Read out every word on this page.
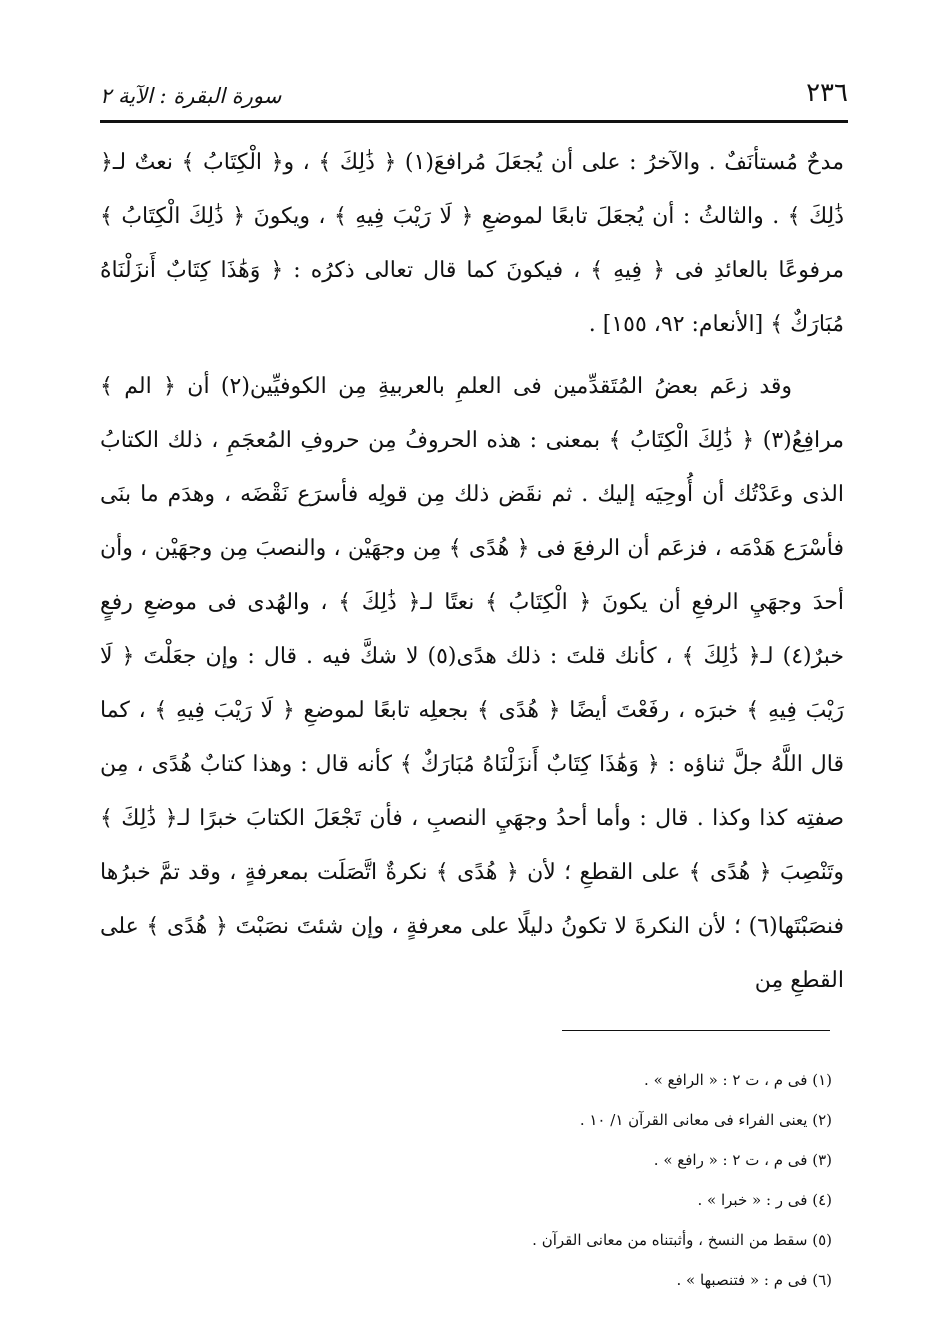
٢٣٦
سورة البقرة : الآية ٢

مدحٌ مُستأنَفٌ . والآخرُ : على أن يُجعَلَ مُرافعَ(١) ﴿ ذَٰلِكَ ﴾ ، و﴿ الْكِتَابُ ﴾ نعتٌ لـ﴿ ذَٰلِكَ ﴾ . والثالثُ : أن يُجعَلَ تابعًا لموضعِ ﴿ لَا رَيْبَ فِيهِ ﴾ ، ويكونَ ﴿ ذَٰلِكَ الْكِتَابُ ﴾ مرفوعًا بالعائدِ فى ﴿ فِيهِ ﴾ ، فيكونَ كما قال تعالى ذكرُه : ﴿ وَهَٰذَا كِتَابٌ أَنزَلْنَاهُ مُبَارَكٌ ﴾ [الأنعام: ٩٢، ١٥٥] .

وقد زعَم بعضُ المُتَقدِّمين فى العلمِ بالعربيةِ مِن الكوفيِّين(٢) أن ﴿ الم ﴾ مرافِعُ(٣) ﴿ ذَٰلِكَ الْكِتَابُ ﴾ بمعنى : هذه الحروفُ مِن حروفِ المُعجَمِ ، ذلك الكتابُ الذى وعَدْتُك أن أُوحِيَه إليك . ثم نقَض ذلك مِن قولِه فأسرَع نَقْضَه ، وهدَم ما بنَى فأسْرَع هَدْمَه ، فزعَم أن الرفعَ فى ﴿ هُدًى ﴾ مِن وجهَيْن ، والنصبَ مِن وجهَيْن ، وأن أحدَ وجهَيِ الرفعِ أن يكونَ ﴿ الْكِتَابُ ﴾ نعتًا لـ﴿ ذَٰلِكَ ﴾ ، والهُدى فى موضعِ رفعٍ خبرٌ(٤) لـ﴿ ذَٰلِكَ ﴾ ، كأنك قلتَ : ذلك هدًى(٥) لا شكَّ فيه . قال : وإن جعَلْتَ ﴿ لَا رَيْبَ فِيهِ ﴾ خبرَه ، رفَعْتَ أيضًا ﴿ هُدًى ﴾ بجعلِه تابعًا لموضعِ ﴿ لَا رَيْبَ فِيهِ ﴾ ، كما قال اللَّهُ جلَّ ثناؤه : ﴿ وَهَٰذَا كِتَابٌ أَنزَلْنَاهُ مُبَارَكٌ ﴾ كأنه قال : وهذا كتابٌ هُدًى ، مِن صفتِه كذا وكذا . قال : وأما أحدُ وجهَيِ النصبِ ، فأن تَجْعَلَ الكتابَ خبرًا لـ﴿ ذَٰلِكَ ﴾ وتَنْصِبَ ﴿ هُدًى ﴾ على القطعِ ؛ لأن ﴿ هُدًى ﴾ نكرةٌ اتَّصَلَت بمعرفةٍ ، وقد تمَّ خبرُها فنصَبْتَها(٦) ؛ لأن النكرةَ لا تكونُ دليلًا على معرفةٍ ، وإن شئتَ نصَبْتَ ﴿ هُدًى ﴾ على القطعِ مِن

(١) فى م ، ت ٢ : « الرافع » .
(٢) يعنى الفراء فى معانى القرآن ١/ ١٠ .
(٣) فى م ، ت ٢ : « رافع » .
(٤) فى ر : « خبرا » .
(٥) سقط من النسخ ، وأثبتناه من معانى القرآن .
(٦) فى م : « فتنصبها » .
